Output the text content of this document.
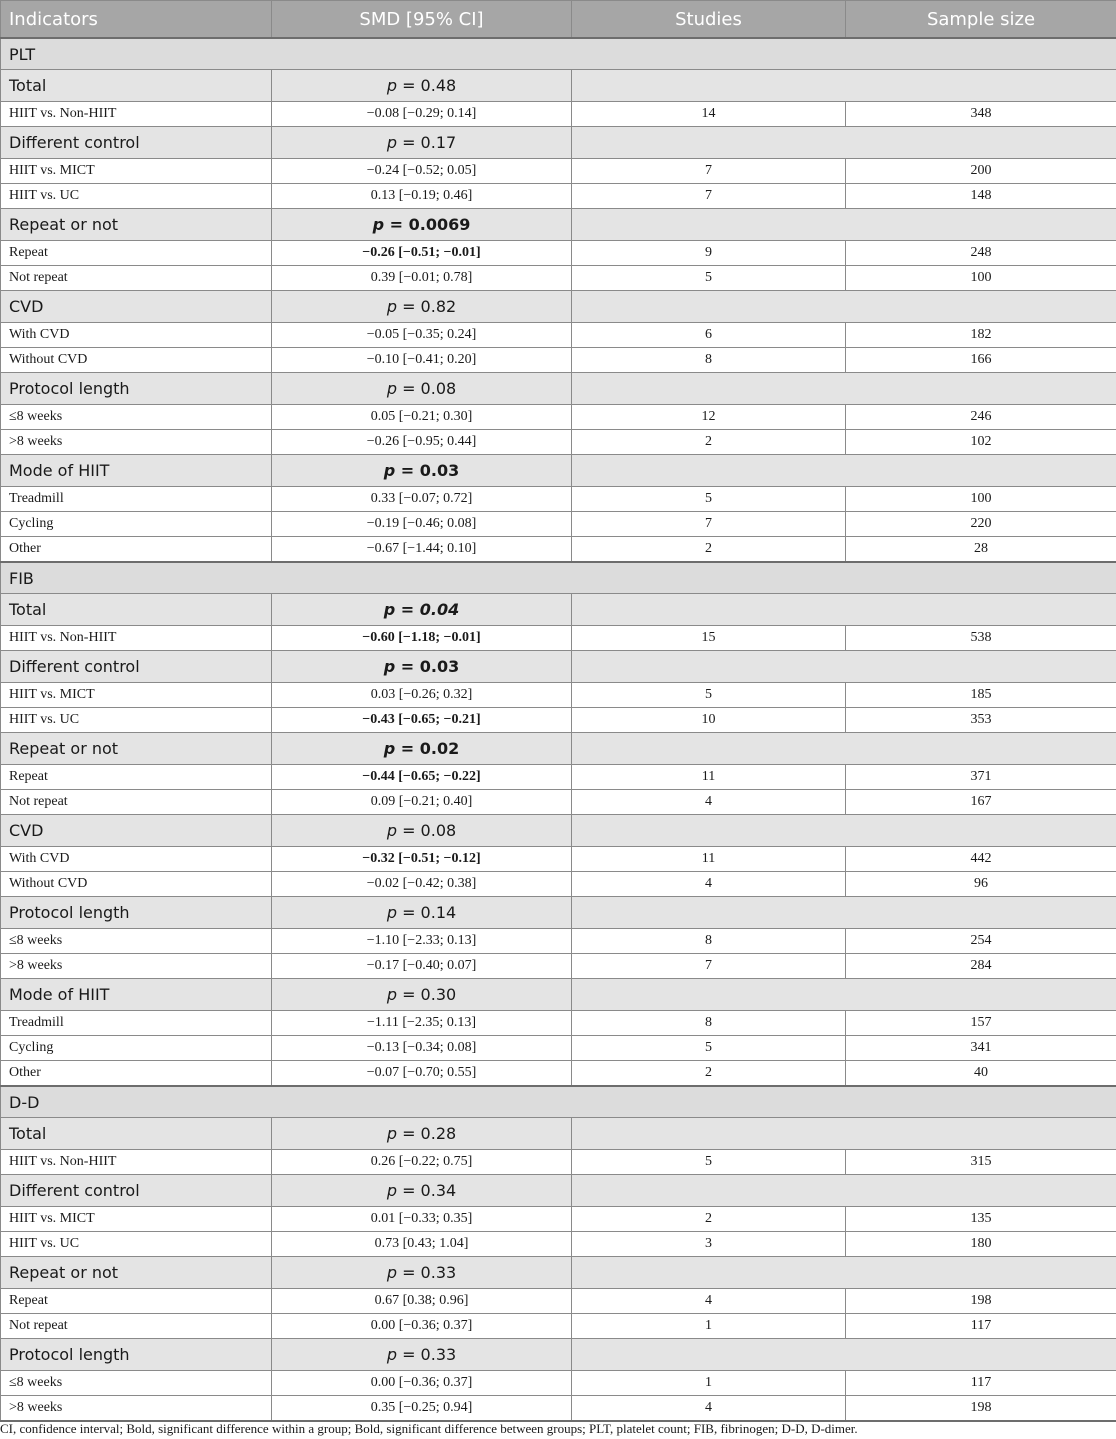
Indicators	SMD [95% CI]	Studies	Sample size
PLT			
Total	p = 0.48		
HIIT vs. Non-HIIT	−0.08 [−0.29; 0.14]	14	348
Different control	p = 0.17		
HIIT vs. MICT	−0.24 [−0.52; 0.05]	7	200
HIIT vs. UC	0.13 [−0.19; 0.46]	7	148
Repeat or not	p = 0.0069		
Repeat	−0.26 [−0.51; −0.01]	9	248
Not repeat	0.39 [−0.01; 0.78]	5	100
CVD	p = 0.82		
With CVD	−0.05 [−0.35; 0.24]	6	182
Without CVD	−0.10 [−0.41; 0.20]	8	166
Protocol length	p = 0.08		
≤8 weeks	0.05 [−0.21; 0.30]	12	246
>8 weeks	−0.26 [−0.95; 0.44]	2	102
Mode of HIIT	p = 0.03		
Treadmill	0.33 [−0.07; 0.72]	5	100
Cycling	−0.19 [−0.46; 0.08]	7	220
Other	−0.67 [−1.44; 0.10]	2	28
FIB			
Total	p = 0.04		
HIIT vs. Non-HIIT	−0.60 [−1.18; −0.01]	15	538
Different control	p = 0.03		
HIIT vs. MICT	0.03 [−0.26; 0.32]	5	185
HIIT vs. UC	−0.43 [−0.65; −0.21]	10	353
Repeat or not	p = 0.02		
Repeat	−0.44 [−0.65; −0.22]	11	371
Not repeat	0.09 [−0.21; 0.40]	4	167
CVD	p = 0.08		
With CVD	−0.32 [−0.51; −0.12]	11	442
Without CVD	−0.02 [−0.42; 0.38]	4	96
Protocol length	p = 0.14		
≤8 weeks	−1.10 [−2.33; 0.13]	8	254
>8 weeks	−0.17 [−0.40; 0.07]	7	284
Mode of HIIT	p = 0.30		
Treadmill	−1.11 [−2.35; 0.13]	8	157
Cycling	−0.13 [−0.34; 0.08]	5	341
Other	−0.07 [−0.70; 0.55]	2	40
D-D			
Total	p = 0.28		
HIIT vs. Non-HIIT	0.26 [−0.22; 0.75]	5	315
Different control	p = 0.34		
HIIT vs. MICT	0.01 [−0.33; 0.35]	2	135
HIIT vs. UC	0.73 [0.43; 1.04]	3	180
Repeat or not	p = 0.33		
Repeat	0.67 [0.38; 0.96]	4	198
Not repeat	0.00 [−0.36; 0.37]	1	117
Protocol length	p = 0.33		
≤8 weeks	0.00 [−0.36; 0.37]	1	117
>8 weeks	0.35 [−0.25; 0.94]	4	198
CI, confidence interval; Bold, significant difference within a group; Bold, significant difference between groups; PLT, platelet count; FIB, fibrinogen; D-D, D-dimer.
